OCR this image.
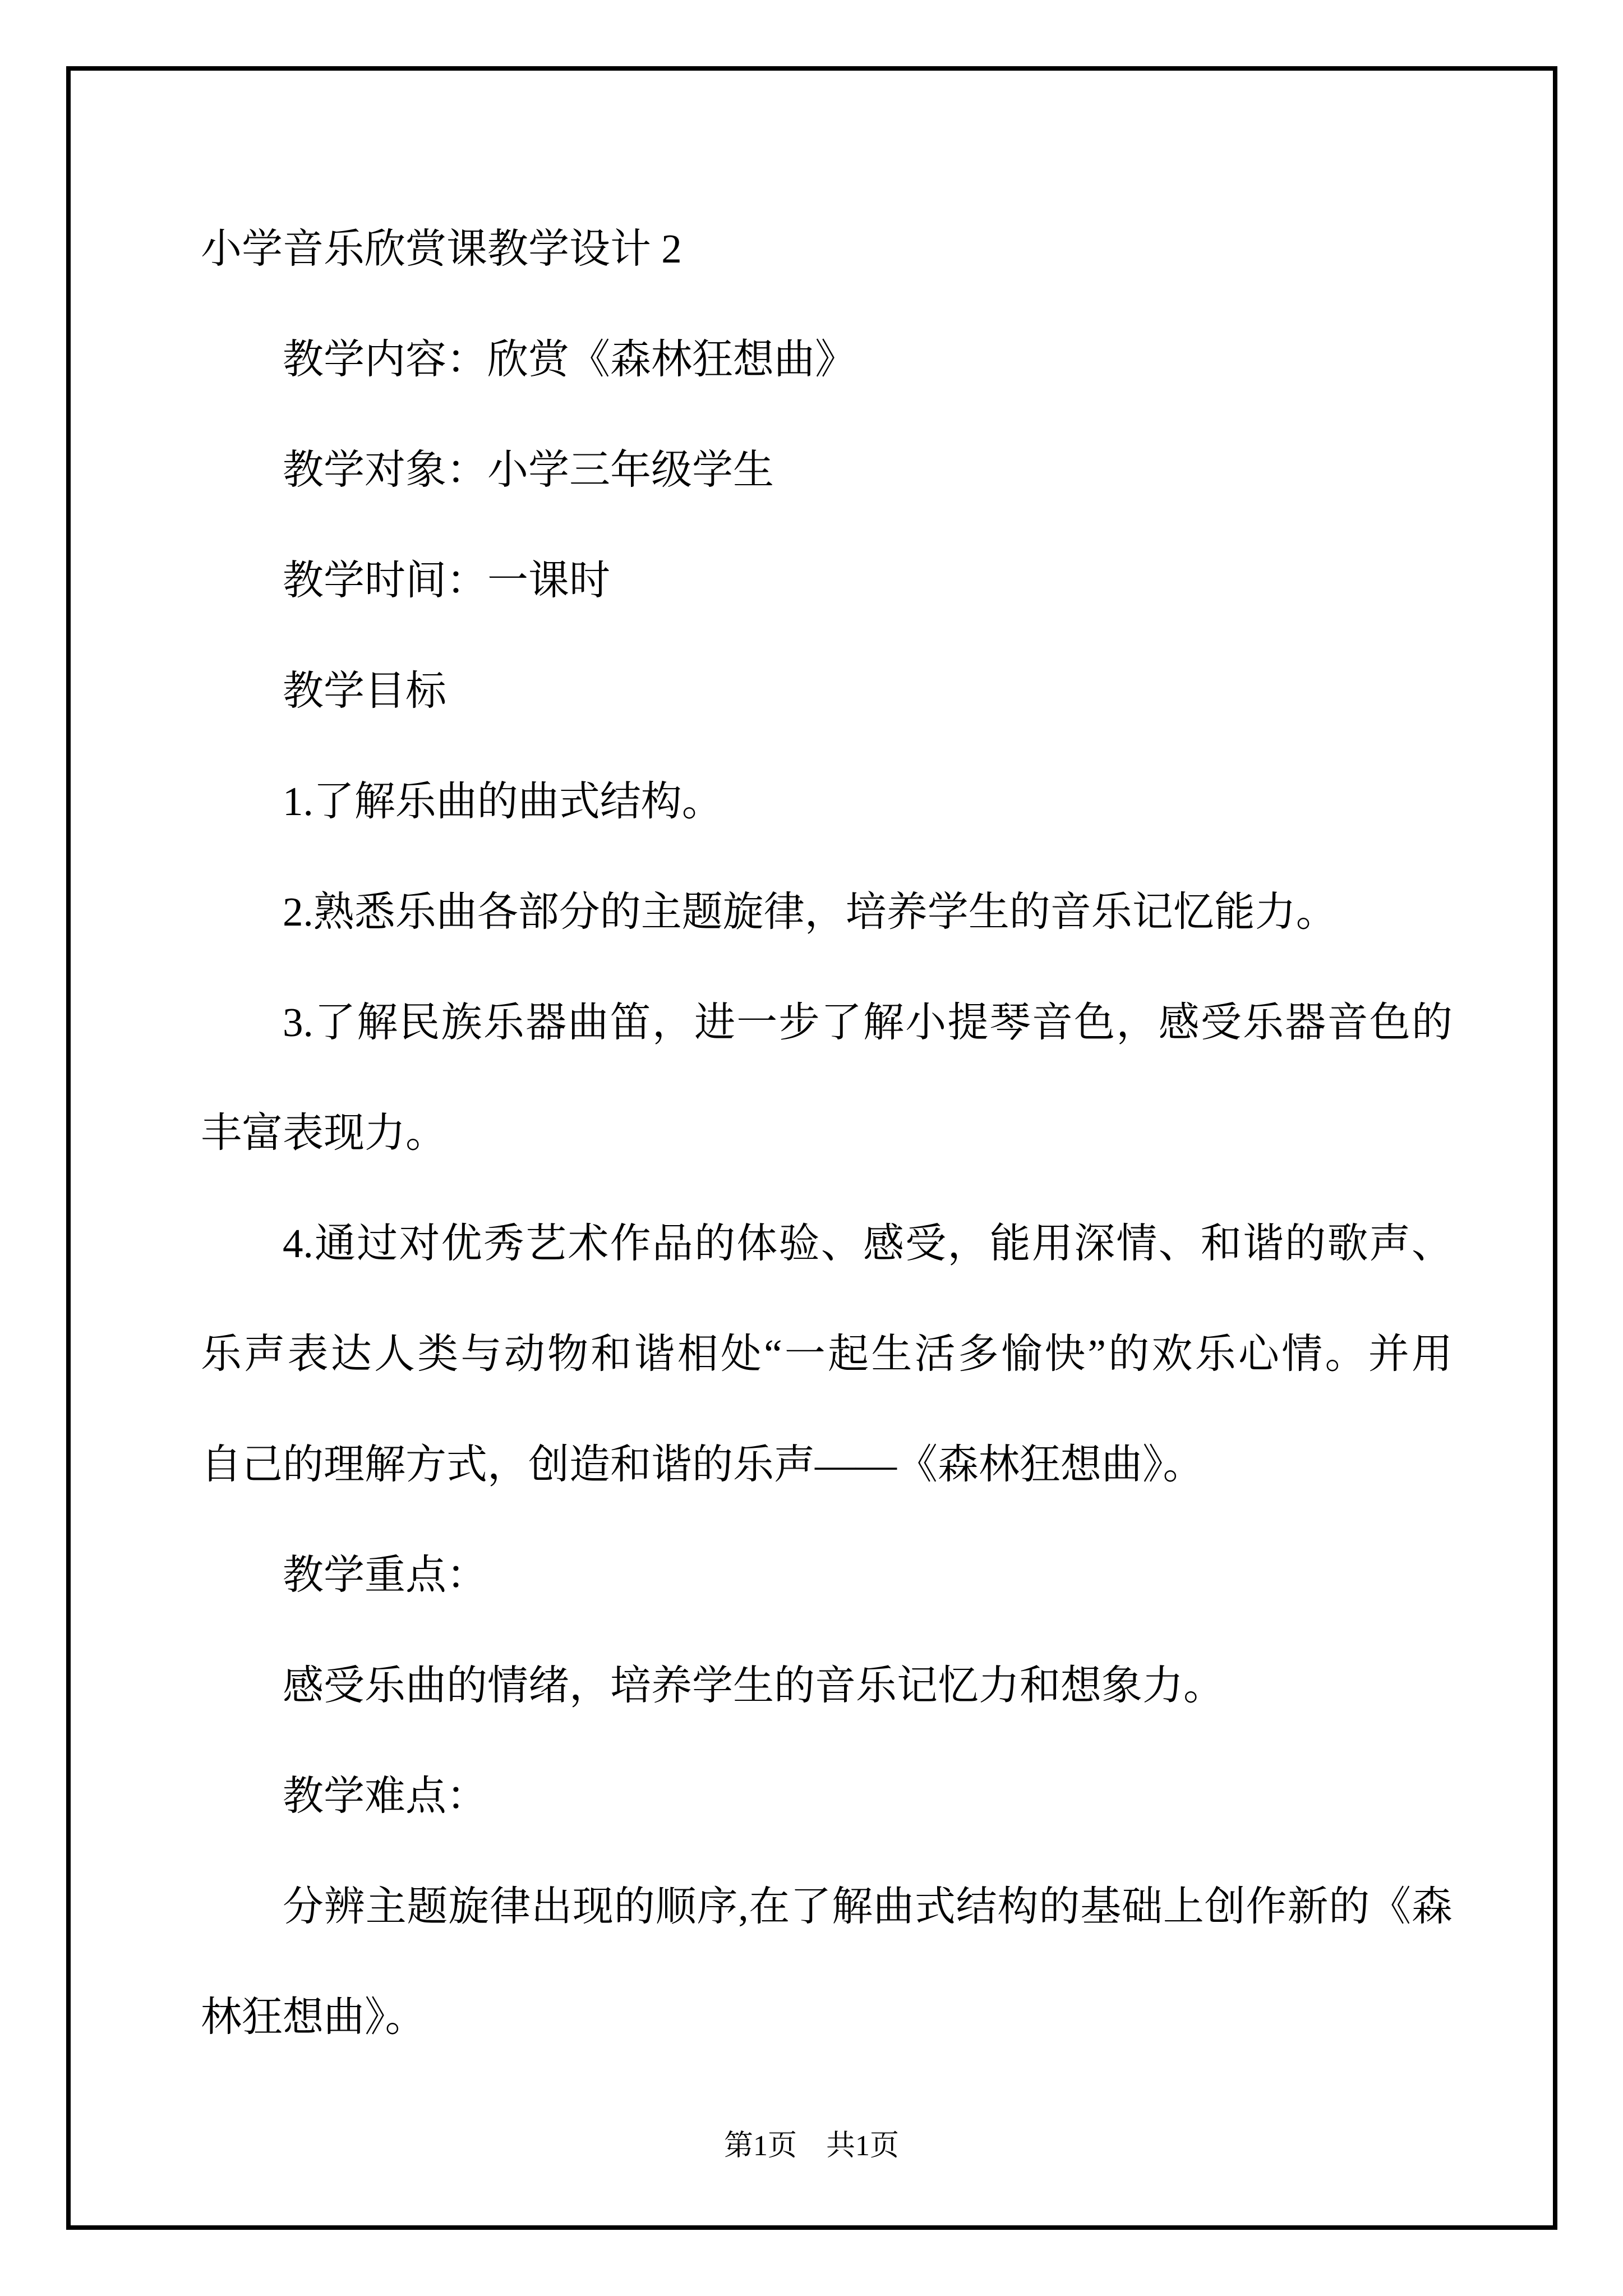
小学音乐欣赏课教学设计 2
教学内容：欣赏《森林狂想曲》
教学对象：小学三年级学生
教学时间：一课时
教学目标
1.了解乐曲的曲式结构。
2.熟悉乐曲各部分的主题旋律，培养学生的音乐记忆能力。
3.了解民族乐器曲笛，进一步了解小提琴音色，感受乐器音色的
丰富表现力。
4.通过对优秀艺术作品的体验、感受，能用深情、和谐的歌声、
乐声表达人类与动物和谐相处“一起生活多愉快”的欢乐心情。并用
自己的理解方式，创造和谐的乐声——《森林狂想曲》。
教学重点：
感受乐曲的情绪，培养学生的音乐记忆力和想象力。
教学难点：
分辨主题旋律出现的顺序,在了解曲式结构的基础上创作新的《森
林狂想曲》。
第1页　共1页
